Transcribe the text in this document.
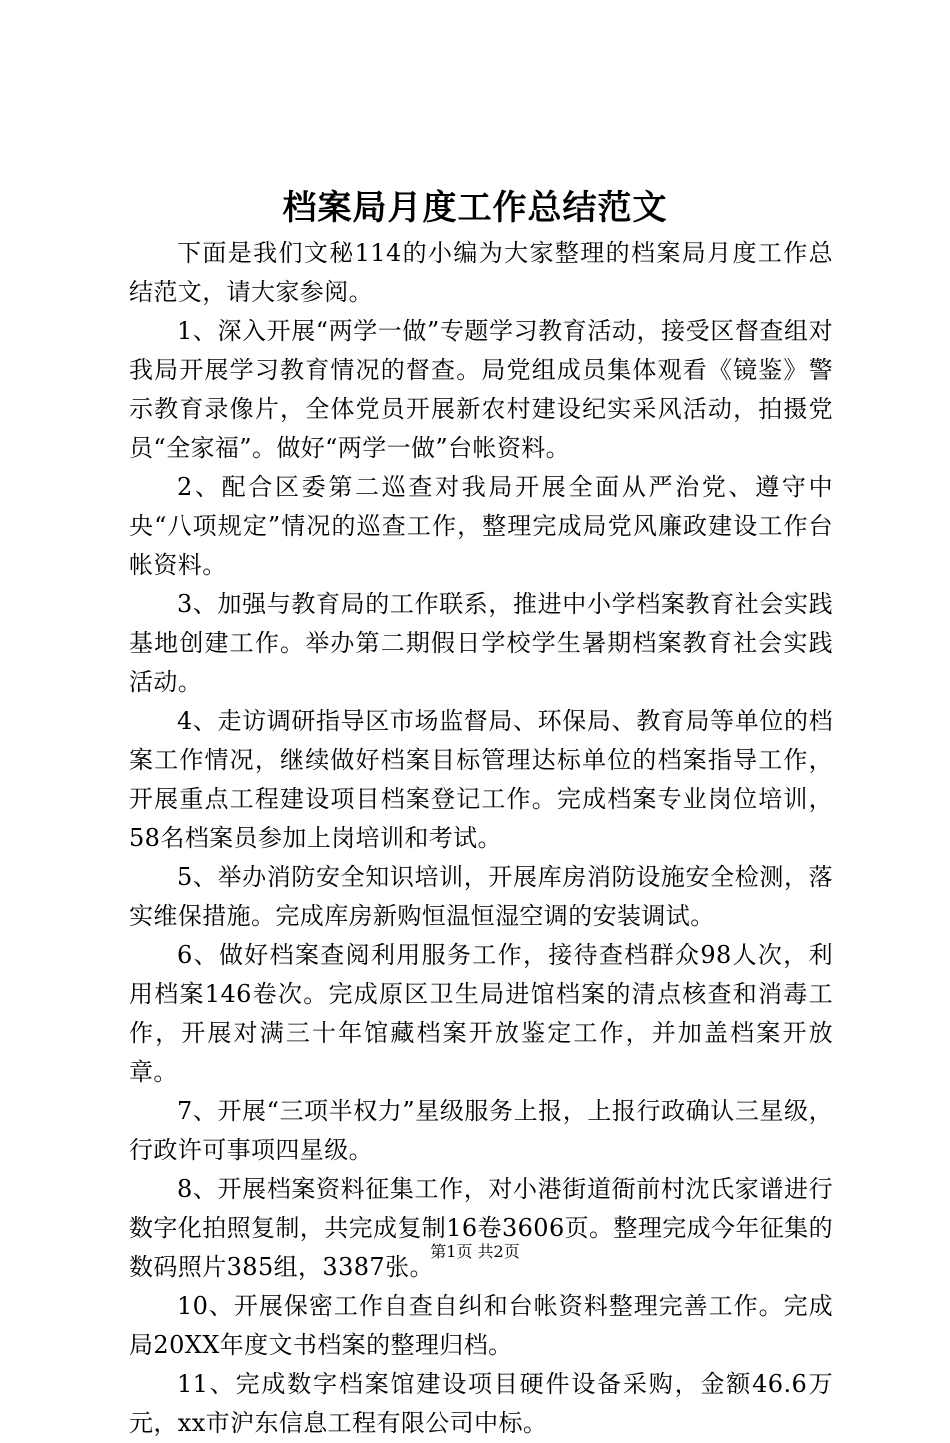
档案局月度工作总结范文

下面是我们文秘114的小编为大家整理的档案局月度工作总结范文，请大家参阅。

1、深入开展“两学一做”专题学习教育活动，接受区督查组对我局开展学习教育情况的督查。局党组成员集体观看《镜鉴》警示教育录像片，全体党员开展新农村建设纪实采风活动，拍摄党员“全家福”。做好“两学一做”台帐资料。

2、配合区委第二巡查对我局开展全面从严治党、遵守中央“八项规定”情况的巡查工作，整理完成局党风廉政建设工作台帐资料。

3、加强与教育局的工作联系，推进中小学档案教育社会实践基地创建工作。举办第二期假日学校学生暑期档案教育社会实践活动。

4、走访调研指导区市场监督局、环保局、教育局等单位的档案工作情况，继续做好档案目标管理达标单位的档案指导工作，开展重点工程建设项目档案登记工作。完成档案专业岗位培训，58名档案员参加上岗培训和考试。

5、举办消防安全知识培训，开展库房消防设施安全检测，落实维保措施。完成库房新购恒温恒湿空调的安装调试。

6、做好档案查阅利用服务工作，接待查档群众98人次，利用档案146卷次。完成原区卫生局进馆档案的清点核查和消毒工作，开展对满三十年馆藏档案开放鉴定工作，并加盖档案开放章。

7、开展“三项半权力”星级服务上报，上报行政确认三星级，行政许可事项四星级。

8、开展档案资料征集工作，对小港街道衙前村沈氏家谱进行数字化拍照复制，共完成复制16卷3606页。整理完成今年征集的数码照片385组，3387张。

10、开展保密工作自查自纠和台帐资料整理完善工作。完成局20XX年度文书档案的整理归档。

11、完成数字档案馆建设项目硬件设备采购，金额46.6万元，xx市沪东信息工程有限公司中标。

第1页 共2页
